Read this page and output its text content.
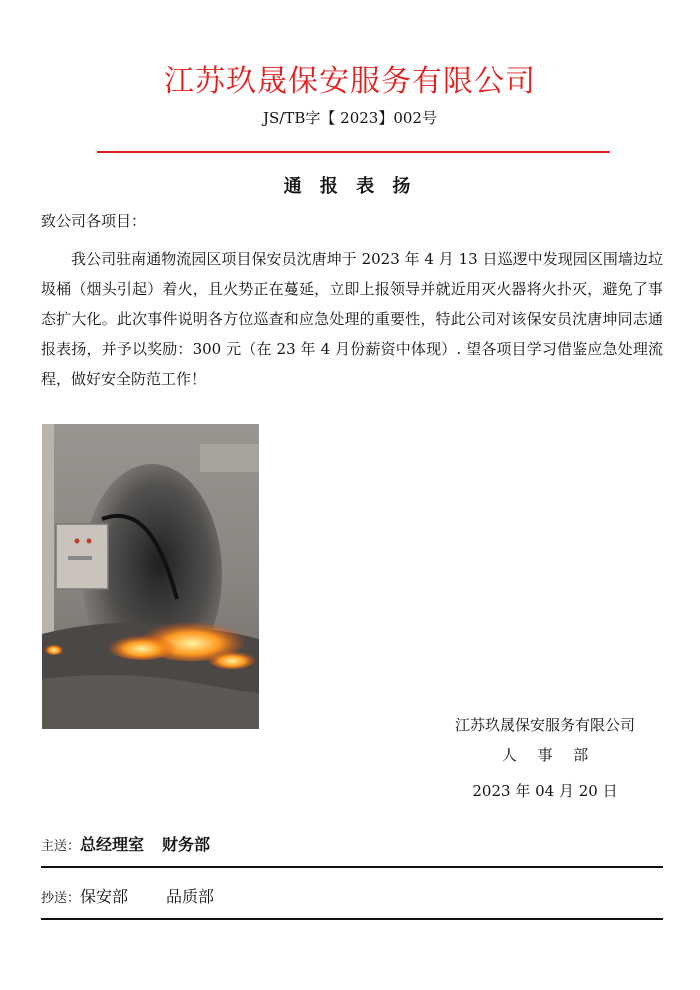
江苏玖晟保安服务有限公司
JS/TB字【 2023】002号
通 报 表 扬
致公司各项目：
我公司驻南通物流园区项目保安员沈唐坤于 2023 年 4 月 13 日巡逻中发现园区围墙边垃圾桶（烟头引起）着火，且火势正在蔓延，立即上报领导并就近用灭火器将火扑灭，避免了事态扩大化。此次事件说明各方位巡查和应急处理的重要性，特此公司对该保安员沈唐坤同志通报表扬，并予以奖励：300 元（在 23 年 4 月份薪资中体现）. 望各项目学习借鉴应急处理流程，做好安全防范工作！
江苏玖晟保安服务有限公司
人 事 部
2023 年 04 月 20 日
主送：总经理室 财务部
抄送：保安部 品质部
